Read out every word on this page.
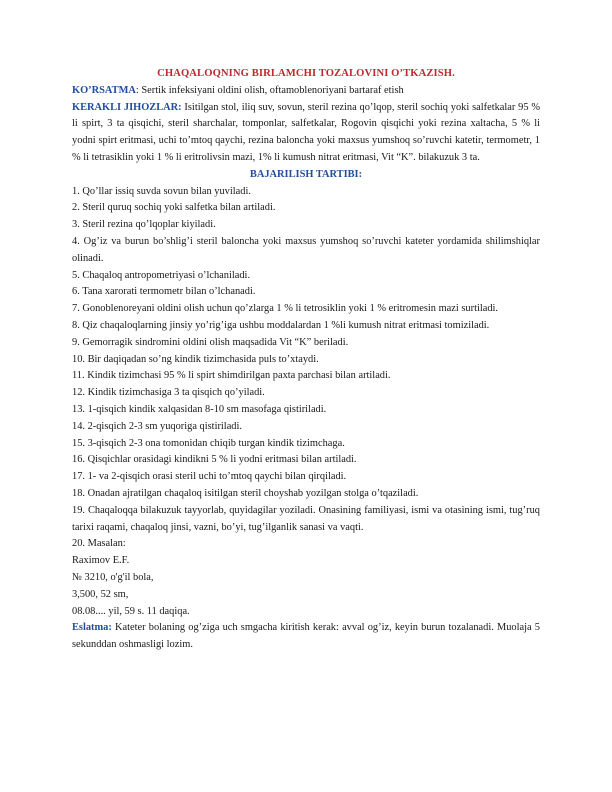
CHAQALOQNING BIRLAMCHI TOZALOVINI O’TKAZISH.

KO’RSATMA: Sertik infeksiyani oldini olish, oftamoblenoriyani bartaraf etish

KERAKLI JIHOZLAR: Isitilgan stol, iliq suv, sovun, steril rezina qo’lqop, steril sochiq yoki salfetkalar 95 % li spirt, 3 ta qisqichi, steril sharchalar, tomponlar, salfetkalar, Rogovin qisqichi yoki rezina xaltacha, 5 % li yodni spirt eritmasi, uchi to’mtoq qaychi, rezina baloncha yoki maxsus yumshoq so’ruvchi katetir, termometr, 1 % li tetrasiklin yoki 1 % li eritrolivsin mazi, 1% li kumush nitrat eritmasi, Vit “K”. bilakuzuk 3 ta.

BAJARILISH TARTIBI:

1. Qo’llar issiq suvda sovun bilan yuviladi.
2. Steril quruq sochiq yoki salfetka bilan artiladi.
3. Steril rezina qo’lqoplar kiyiladi.
4. Og’iz va burun bo’shlig’i steril baloncha yoki maxsus yumshoq so’ruvchi kateter yordamida shilimshiqlar olinadi.
5. Chaqaloq antropometriyasi o’lchaniladi.
6. Tana xarorati termometr bilan o’lchanadi.
7. Gonoblenoreyani oldini olish uchun qo’zlarga 1 % li tetrosiklin yoki 1 % eritromesin mazi surtiladi.
8. Qiz chaqaloqlarning jinsiy yo’rig’iga ushbu moddalardan 1 %li kumush nitrat eritmasi tomiziladi.
9. Gemorragik sindromini oldini olish maqsadida Vit “K” beriladi.
10. Bir daqiqadan so’ng kindik tizimchasida puls to’xtaydi.
11. Kindik tizimchasi 95 % li spirt shimdirilgan paxta parchasi bilan artiladi.
12. Kindik tizimchasiga 3 ta qisqich qo’yiladi.
13. 1-qisqich kindik xalqasidan 8-10 sm masofaga qistiriladi.
14. 2-qisqich 2-3 sm yuqoriga qistiriladi.
15. 3-qisqich 2-3 ona tomonidan chiqib turgan kindik tizimchaga.
16. Qisqichlar orasidagi kindikni 5 % li yodni eritmasi bilan artiladi.
17. 1- va 2-qisqich orasi steril uchi to’mtoq qaychi bilan qirqiladi.
18. Onadan ajratilgan chaqaloq isitilgan steril choyshab yozilgan stolga o’tqaziladi.
19. Chaqaloqqa bilakuzuk tayyorlab, quyidagilar yoziladi. Onasining familiyasi, ismi va otasining ismi, tug’ruq tarixi raqami, chaqaloq jinsi, vazni, bo’yi, tug’ilganlik sanasi va vaqti.
20. Masalan:

Raximov E.F.

№ 3210, o'g'il bola,

3,500, 52 sm,

08.08.... yil, 59 s. 11 daqiqa.

Eslatma: Kateter bolaning og’ziga uch smgacha kiritish kerak: avval og’iz, keyin burun tozalanadi. Muolaja 5 sekunddan oshmasligi lozim.
